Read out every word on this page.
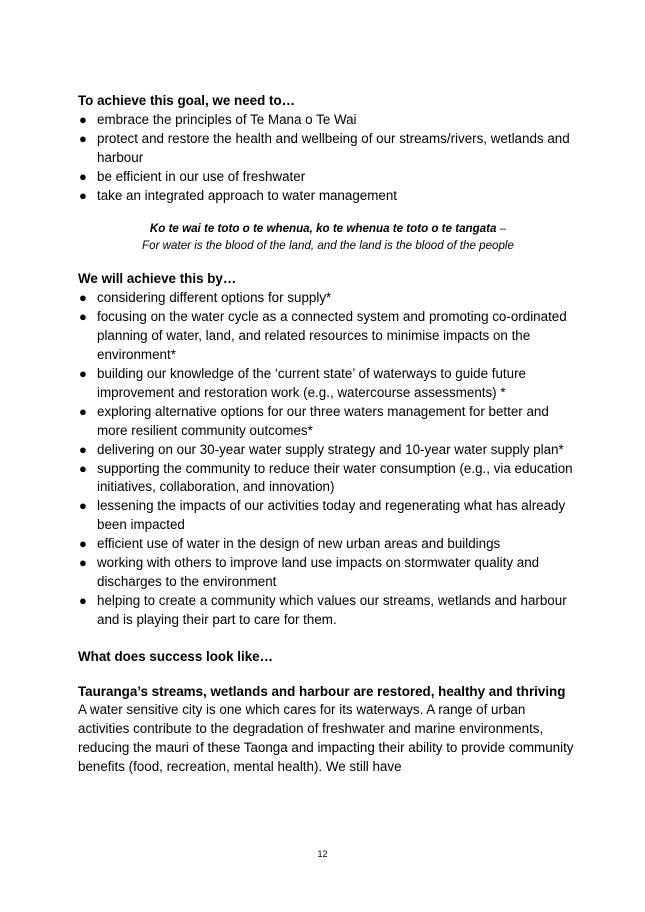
To achieve this goal, we need to…

● embrace the principles of Te Mana o Te Wai
● protect and restore the health and wellbeing of our streams/rivers, wetlands and harbour
● be efficient in our use of freshwater
● take an integrated approach to water management
Ko te wai te toto o te whenua, ko te whenua te toto o te tangata –
For water is the blood of the land, and the land is the blood of the people

We will achieve this by…

● considering different options for supply*
● focusing on the water cycle as a connected system and promoting co-ordinated planning of water, land, and related resources to minimise impacts on the environment*
● building our knowledge of the ‘current state’ of waterways to guide future improvement and restoration work (e.g., watercourse assessments) *
● exploring alternative options for our three waters management for better and more resilient community outcomes*
● delivering on our 30-year water supply strategy and 10-year water supply plan*
● supporting the community to reduce their water consumption (e.g., via education initiatives, collaboration, and innovation)
● lessening the impacts of our activities today and regenerating what has already been impacted
● efficient use of water in the design of new urban areas and buildings
● working with others to improve land use impacts on stormwater quality and discharges to the environment
● helping to create a community which values our streams, wetlands and harbour and is playing their part to care for them.

What does success look like…

Tauranga’s streams, wetlands and harbour are restored, healthy and thriving

A water sensitive city is one which cares for its waterways. A range of urban activities contribute to the degradation of freshwater and marine environments, reducing the mauri of these Taonga and impacting their ability to provide community benefits (food, recreation, mental health). We still have

12
